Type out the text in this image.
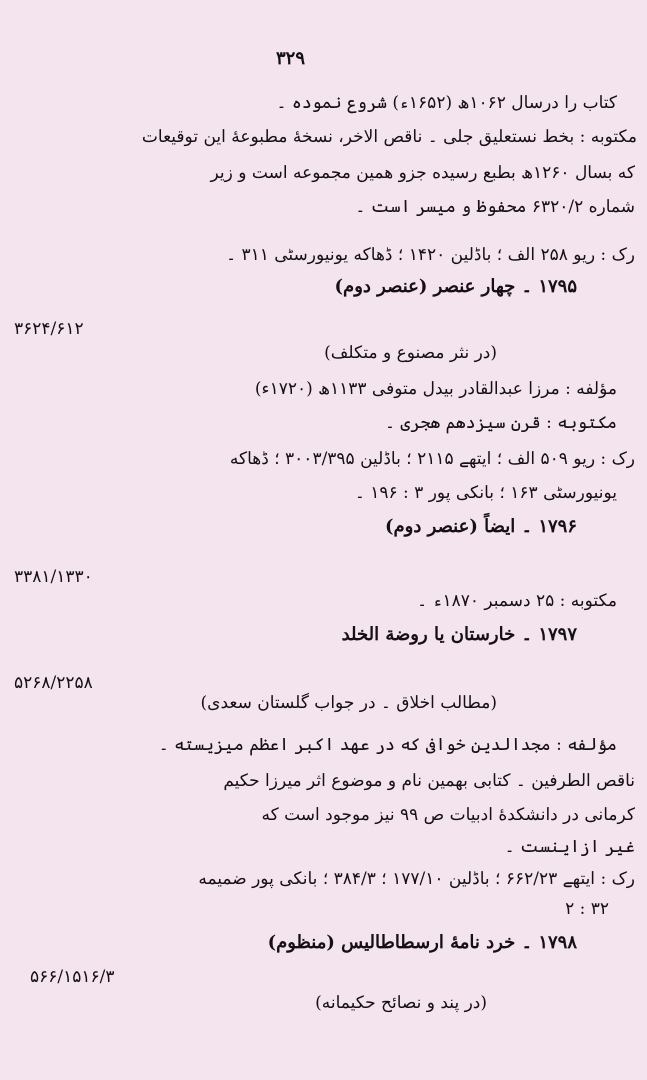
۳۲۹
کتاب را درسال ۱۰۶۲ھ (۱۶۵۲ء) شروع نموده ۔
مکتوبه : بخط نستعلیق جلی ۔ ناقص الاخر، نسخهٔ مطبوعهٔ این توقیعات
که بسال ۱۲۶۰ھ بطبع رسیده جزو همین مجموعه است و زیر
شماره ۶۳۲۰/۲ محفوظ و میسر است ۔
رک : ریو ۲۵۸ الف ؛ باڈلین ۱۴۲۰ ؛ ڈھاکه یونیورسٹی ۳۱۱ ۔
۱۷۹۵ ۔ چهار عنصر (عنصر دوم)
۳۶۲۴/۶۱۲
(در نثر مصنوع و متکلف)
مؤلفه : مرزا عبدالقادر بیدل متوفی ۱۱۳۳ھ (۱۷۲۰ء)
مکتوبه : قرن سیزدهم هجری ۔
رک : ریو ۵۰۹ الف ؛ ایتھے ۲۱۱۵ ؛ باڈلین ۳۰۰۳/۳۹۵ ؛ ڈھاکه
یونیورسٹی ۱۶۳ ؛ بانکی پور ۳ : ۱۹۶ ۔
۱۷۹۶ ۔ ایضاً (عنصر دوم)
۳۳۸۱/۱۳۳۰
مکتوبه : ۲۵ دسمبر ۱۸۷۰ء ۔
۱۷۹۷ ۔ خارستان یا روضة الخلد
۵۲۶۸/۲۲۵۸
(مطالب اخلاق ۔ در جواب گلستان سعدی)
مؤلفه : مجدالدین خوافی که در عهد اکبر اعظم میزیسته ۔
ناقص الطرفین ۔ کتابی بهمین نام و موضوع اثر میرزا حکیم
کرمانی در دانشکدهٔ ادبیات ص ۹۹ نیز موجود است که
غیر ازاینست ۔
رک : ایتھے ۶۶۲/۲۳ ؛ باڈلین ۱۷۷/۱۰ ؛ ۳۸۴/۳ ؛ بانکی پور ضمیمه
۲ : ۳۲
۱۷۹۸ ۔ خرد نامهٔ ارسطاطالیس (منظوم)
۵۶۶/۱۵۱۶/۳
(در پند و نصائح حکیمانه)
